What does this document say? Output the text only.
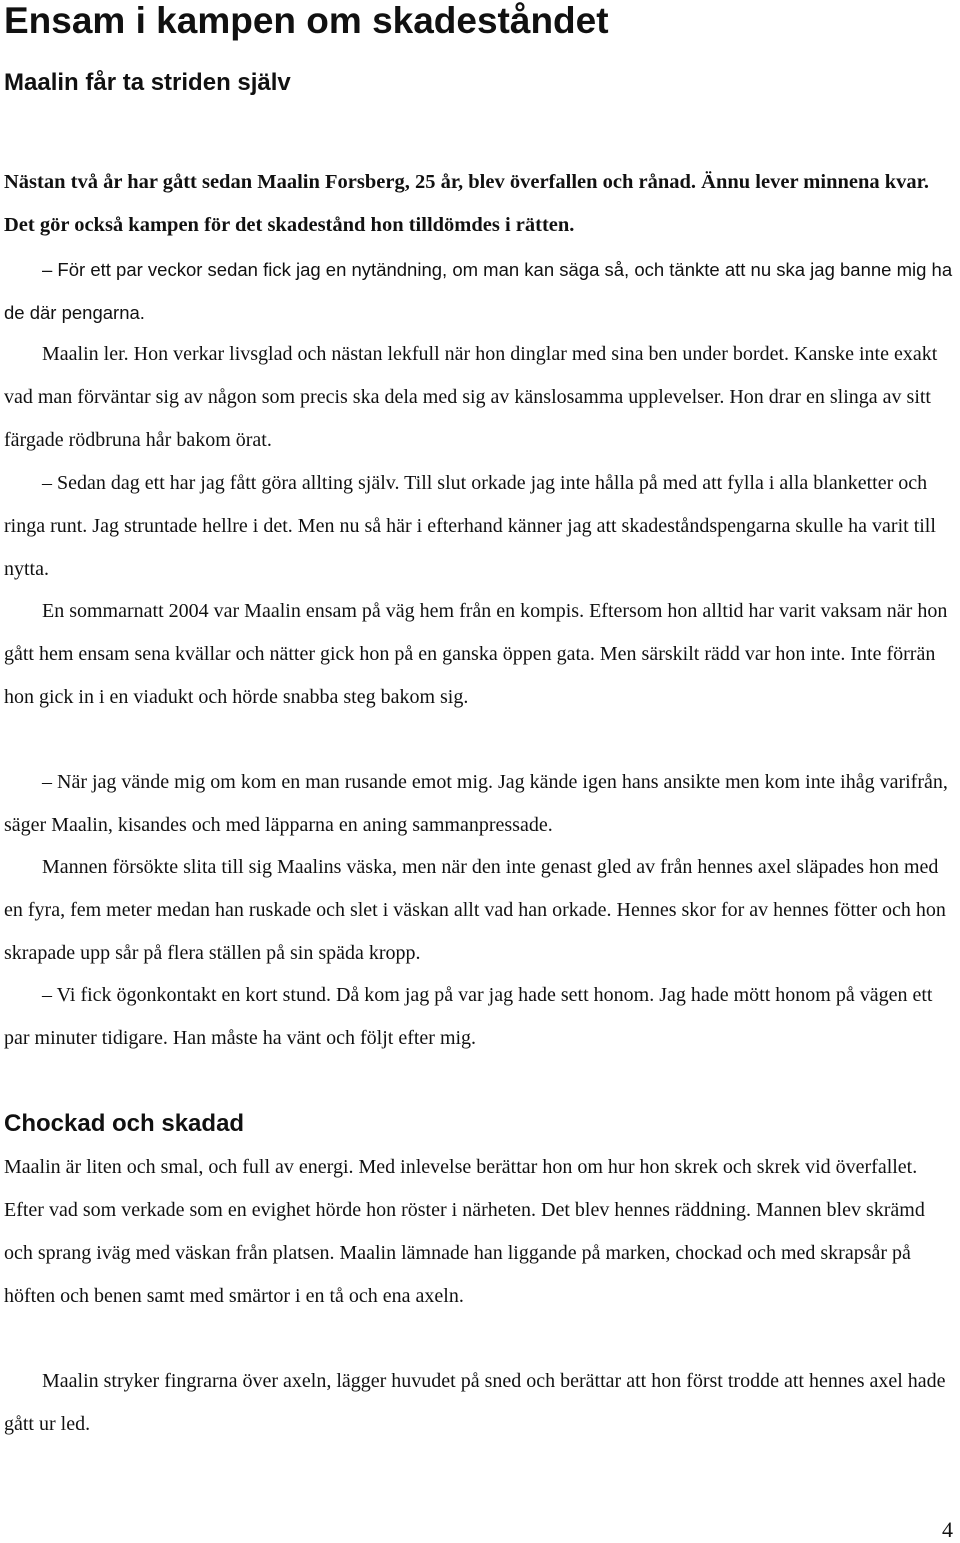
Ensam i kampen om skadeståndet
Maalin får ta striden själv

Nästan två år har gått sedan Maalin Forsberg, 25 år, blev överfallen och rånad. Ännu lever minnena kvar. Det gör också kampen för det skadestånd hon tilldömdes i rätten.

– För ett par veckor sedan fick jag en nytändning, om man kan säga så, och tänkte att nu ska jag banne mig ha de där pengarna.

Maalin ler. Hon verkar livsglad och nästan lekfull när hon dinglar med sina ben under bordet. Kanske inte exakt vad man förväntar sig av någon som precis ska dela med sig av känslosamma upplevelser. Hon drar en slinga av sitt färgade rödbruna hår bakom örat.

– Sedan dag ett har jag fått göra allting själv. Till slut orkade jag inte hålla på med att fylla i alla blanketter och ringa runt. Jag struntade hellre i det. Men nu så här i efterhand känner jag att skadeståndspengarna skulle ha varit till nytta.

En sommarnatt 2004 var Maalin ensam på väg hem från en kompis. Eftersom hon alltid har varit vaksam när hon gått hem ensam sena kvällar och nätter gick hon på en ganska öppen gata. Men särskilt rädd var hon inte. Inte förrän hon gick in i en viadukt och hörde snabba steg bakom sig.

– När jag vände mig om kom en man rusande emot mig. Jag kände igen hans ansikte men kom inte ihåg varifrån, säger Maalin, kisandes och med läpparna en aning sammanpressade.

Mannen försökte slita till sig Maalins väska, men när den inte genast gled av från hennes axel släpades hon med en fyra, fem meter medan han ruskade och slet i väskan allt vad han orkade. Hennes skor for av hennes fötter och hon skrapade upp sår på flera ställen på sin späda kropp.

– Vi fick ögonkontakt en kort stund. Då kom jag på var jag hade sett honom. Jag hade mött honom på vägen ett par minuter tidigare. Han måste ha vänt och följt efter mig.

Chockad och skadad

Maalin är liten och smal, och full av energi. Med inlevelse berättar hon om hur hon skrek och skrek vid överfallet. Efter vad som verkade som en evighet hörde hon röster i närheten. Det blev hennes räddning. Mannen blev skrämd och sprang iväg med väskan från platsen. Maalin lämnade han liggande på marken, chockad och med skrapsår på höften och benen samt med smärtor i en tå och ena axeln.

Maalin stryker fingrarna över axeln, lägger huvudet på sned och berättar att hon först trodde att hennes axel hade gått ur led.

4
